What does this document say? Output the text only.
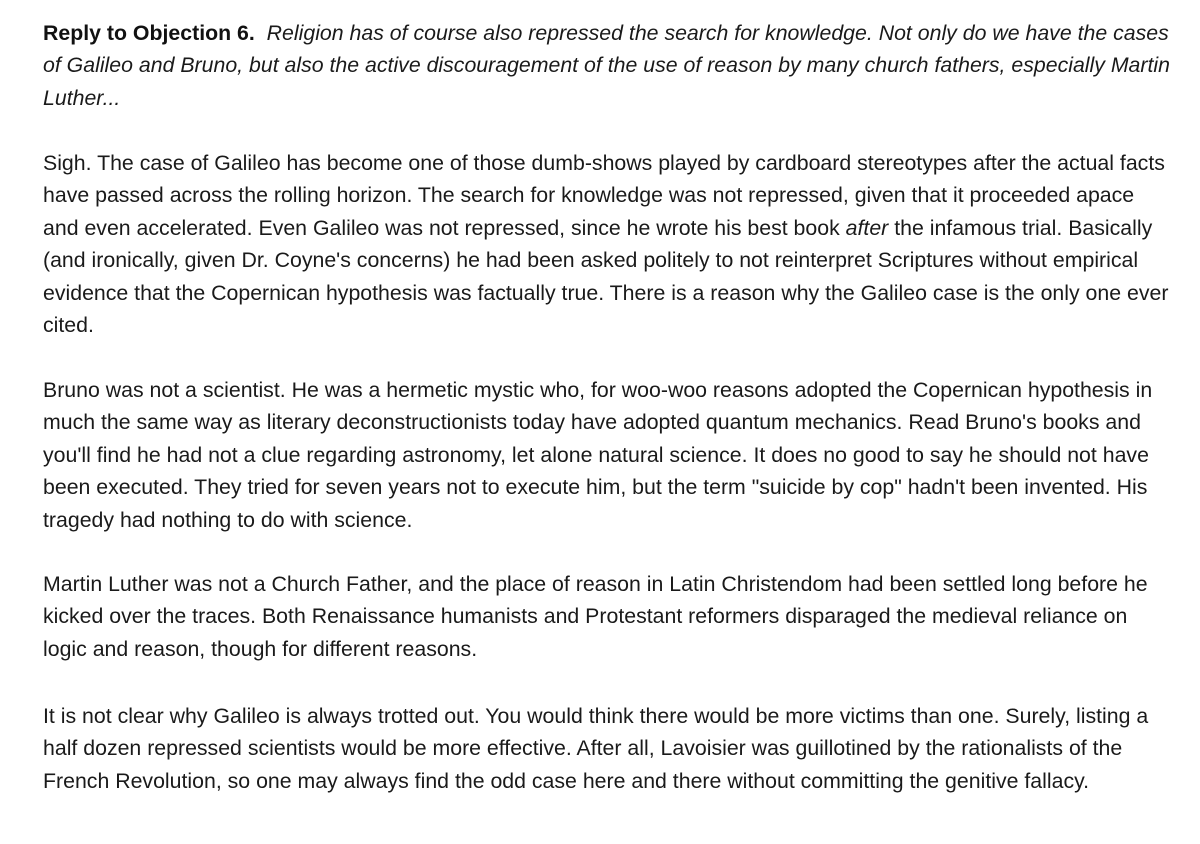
Reply to Objection 6. Religion has of course also repressed the search for knowledge. Not only do we have the cases of Galileo and Bruno, but also the active discouragement of the use of reason by many church fathers, especially Martin Luther...

Sigh. The case of Galileo has become one of those dumb-shows played by cardboard stereotypes after the actual facts have passed across the rolling horizon. The search for knowledge was not repressed, given that it proceeded apace and even accelerated. Even Galileo was not repressed, since he wrote his best book after the infamous trial. Basically (and ironically, given Dr. Coyne's concerns) he had been asked politely to not reinterpret Scriptures without empirical evidence that the Copernican hypothesis was factually true. There is a reason why the Galileo case is the only one ever cited.

Bruno was not a scientist. He was a hermetic mystic who, for woo-woo reasons adopted the Copernican hypothesis in much the same way as literary deconstructionists today have adopted quantum mechanics. Read Bruno's books and you'll find he had not a clue regarding astronomy, let alone natural science. It does no good to say he should not have been executed. They tried for seven years not to execute him, but the term "suicide by cop" hadn't been invented. His tragedy had nothing to do with science.

Martin Luther was not a Church Father, and the place of reason in Latin Christendom had been settled long before he kicked over the traces. Both Renaissance humanists and Protestant reformers disparaged the medieval reliance on logic and reason, though for different reasons.

It is not clear why Galileo is always trotted out. You would think there would be more victims than one. Surely, listing a half dozen repressed scientists would be more effective. After all, Lavoisier was guillotined by the rationalists of the French Revolution, so one may always find the odd case here and there without committing the genitive fallacy.
